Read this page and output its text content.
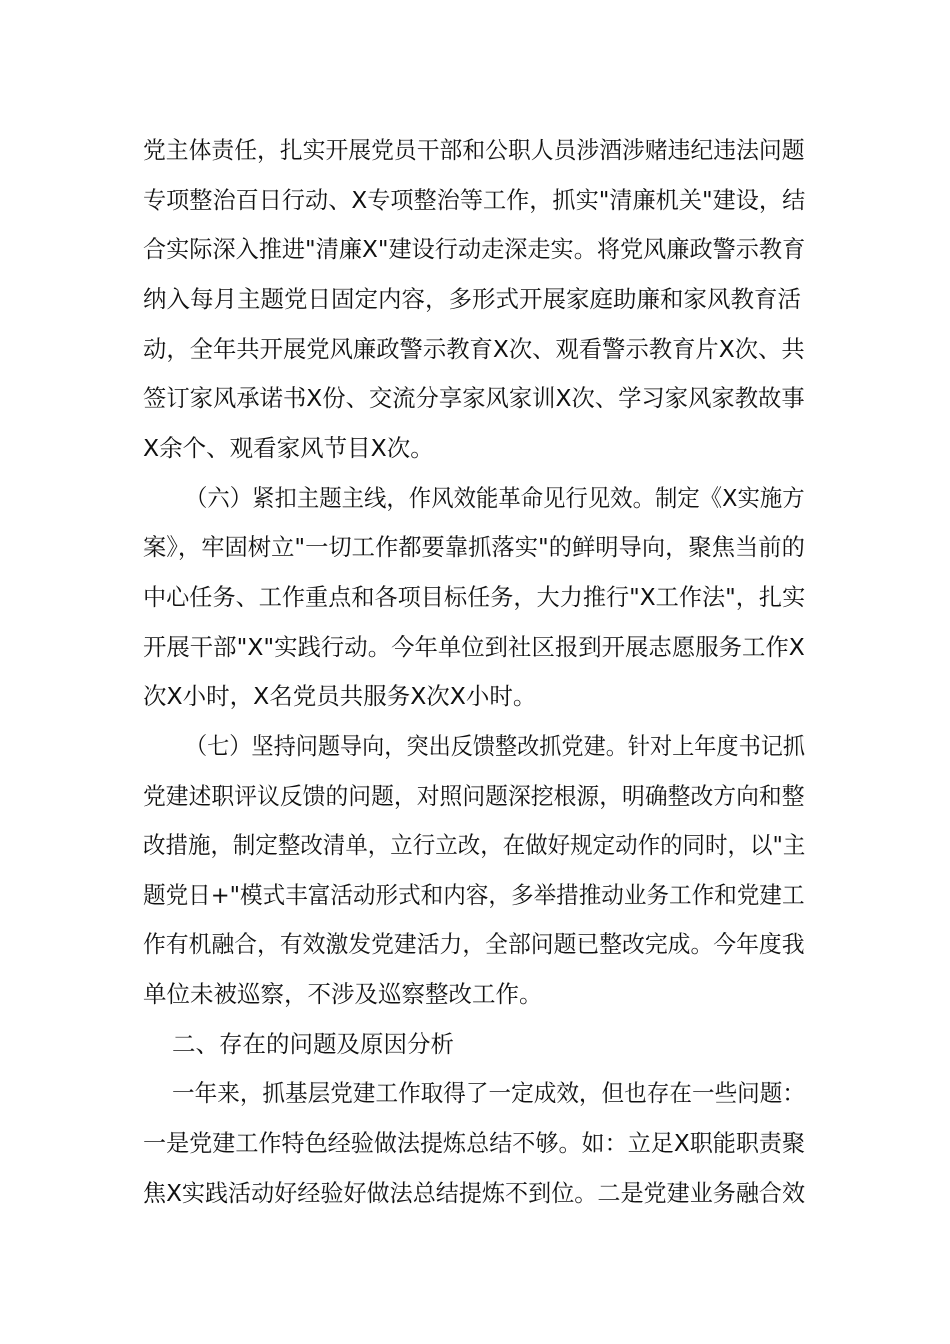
党主体责任，扎实开展党员干部和公职人员涉酒涉赌违纪违法问题
专项整治百日行动、X专项整治等工作，抓实"清廉机关"建设，结
合实际深入推进"清廉X"建设行动走深走实。将党风廉政警示教育
纳入每月主题党日固定内容，多形式开展家庭助廉和家风教育活
动，全年共开展党风廉政警示教育X次、观看警示教育片X次、共
签订家风承诺书X份、交流分享家风家训X次、学习家风家教故事
X余个、观看家风节目X次。
（六）紧扣主题主线，作风效能革命见行见效。制定《X实施方
案》，牢固树立"一切工作都要靠抓落实"的鲜明导向，聚焦当前的
中心任务、工作重点和各项目标任务，大力推行"X工作法"，扎实
开展干部"X"实践行动。今年单位到社区报到开展志愿服务工作X
次X小时，X名党员共服务X次X小时。
（七）坚持问题导向，突出反馈整改抓党建。针对上年度书记抓
党建述职评议反馈的问题，对照问题深挖根源，明确整改方向和整
改措施，制定整改清单，立行立改，在做好规定动作的同时，以"主
题党日+"模式丰富活动形式和内容，多举措推动业务工作和党建工
作有机融合，有效激发党建活力，全部问题已整改完成。今年度我
单位未被巡察，不涉及巡察整改工作。
二、存在的问题及原因分析
一年来，抓基层党建工作取得了一定成效，但也存在一些问题：
一是党建工作特色经验做法提炼总结不够。如：立足X职能职责聚
焦X实践活动好经验好做法总结提炼不到位。二是党建业务融合效
